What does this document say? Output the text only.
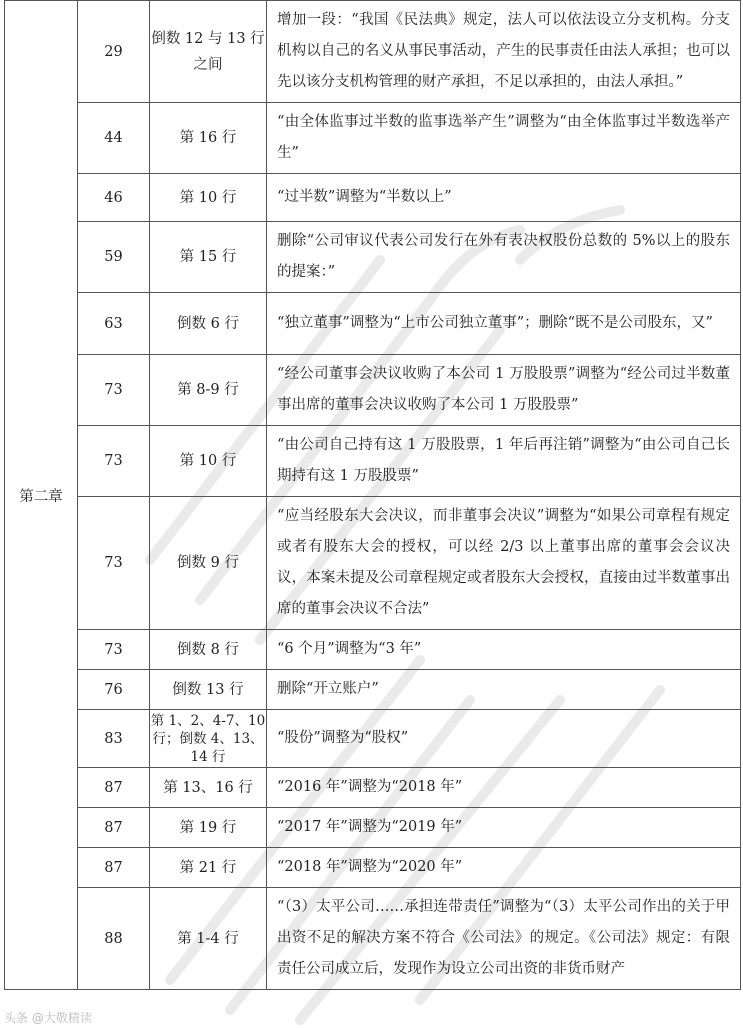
第二章	29	倒数 12 与 13 行之间	增加一段：“我国《民法典》规定，法人可以依法设立分支机构。分支机构以自己的名义从事民事活动，产生的民事责任由法人承担；也可以先以该分支机构管理的财产承担，不足以承担的，由法人承担。”
	44	第 16 行	“由全体监事过半数的监事选举产生”调整为“由全体监事过半数选举产生”
	46	第 10 行	“过半数”调整为“半数以上”
	59	第 15 行	删除“公司审议代表公司发行在外有表决权股份总数的 5%以上的股东的提案：”
	63	倒数 6 行	“独立董事”调整为“上市公司独立董事”；删除“既不是公司股东，又”
	73	第 8-9 行	“经公司董事会决议收购了本公司 1 万股股票”调整为“经公司过半数董事出席的董事会决议收购了本公司 1 万股股票”
	73	第 10 行	“由公司自己持有这 1 万股股票，1 年后再注销”调整为“由公司自己长期持有这 1 万股股票”
	73	倒数 9 行	“应当经股东大会决议，而非董事会决议”调整为“如果公司章程有规定或者有股东大会的授权，可以经 2/3 以上董事出席的董事会会议决议，本案未提及公司章程规定或者股东大会授权，直接由过半数董事出席的董事会决议不合法”
	73	倒数 8 行	“6 个月”调整为“3 年”
	76	倒数 13 行	删除“开立账户”
	83	第 1、2、4-7、10 行；倒数 4、13、14 行	“股份”调整为“股权”
	87	第 13、16 行	“2016 年”调整为“2018 年”
	87	第 19 行	“2017 年”调整为“2019 年”
	87	第 21 行	“2018 年”调整为“2020 年”
	88	第 1-4 行	“（3）太平公司……承担连带责任”调整为“（3）太平公司作出的关于甲出资不足的解决方案不符合《公司法》的规定。《公司法》规定：有限责任公司成立后，发现作为设立公司出资的非货币财产
头条 @大敬精读
